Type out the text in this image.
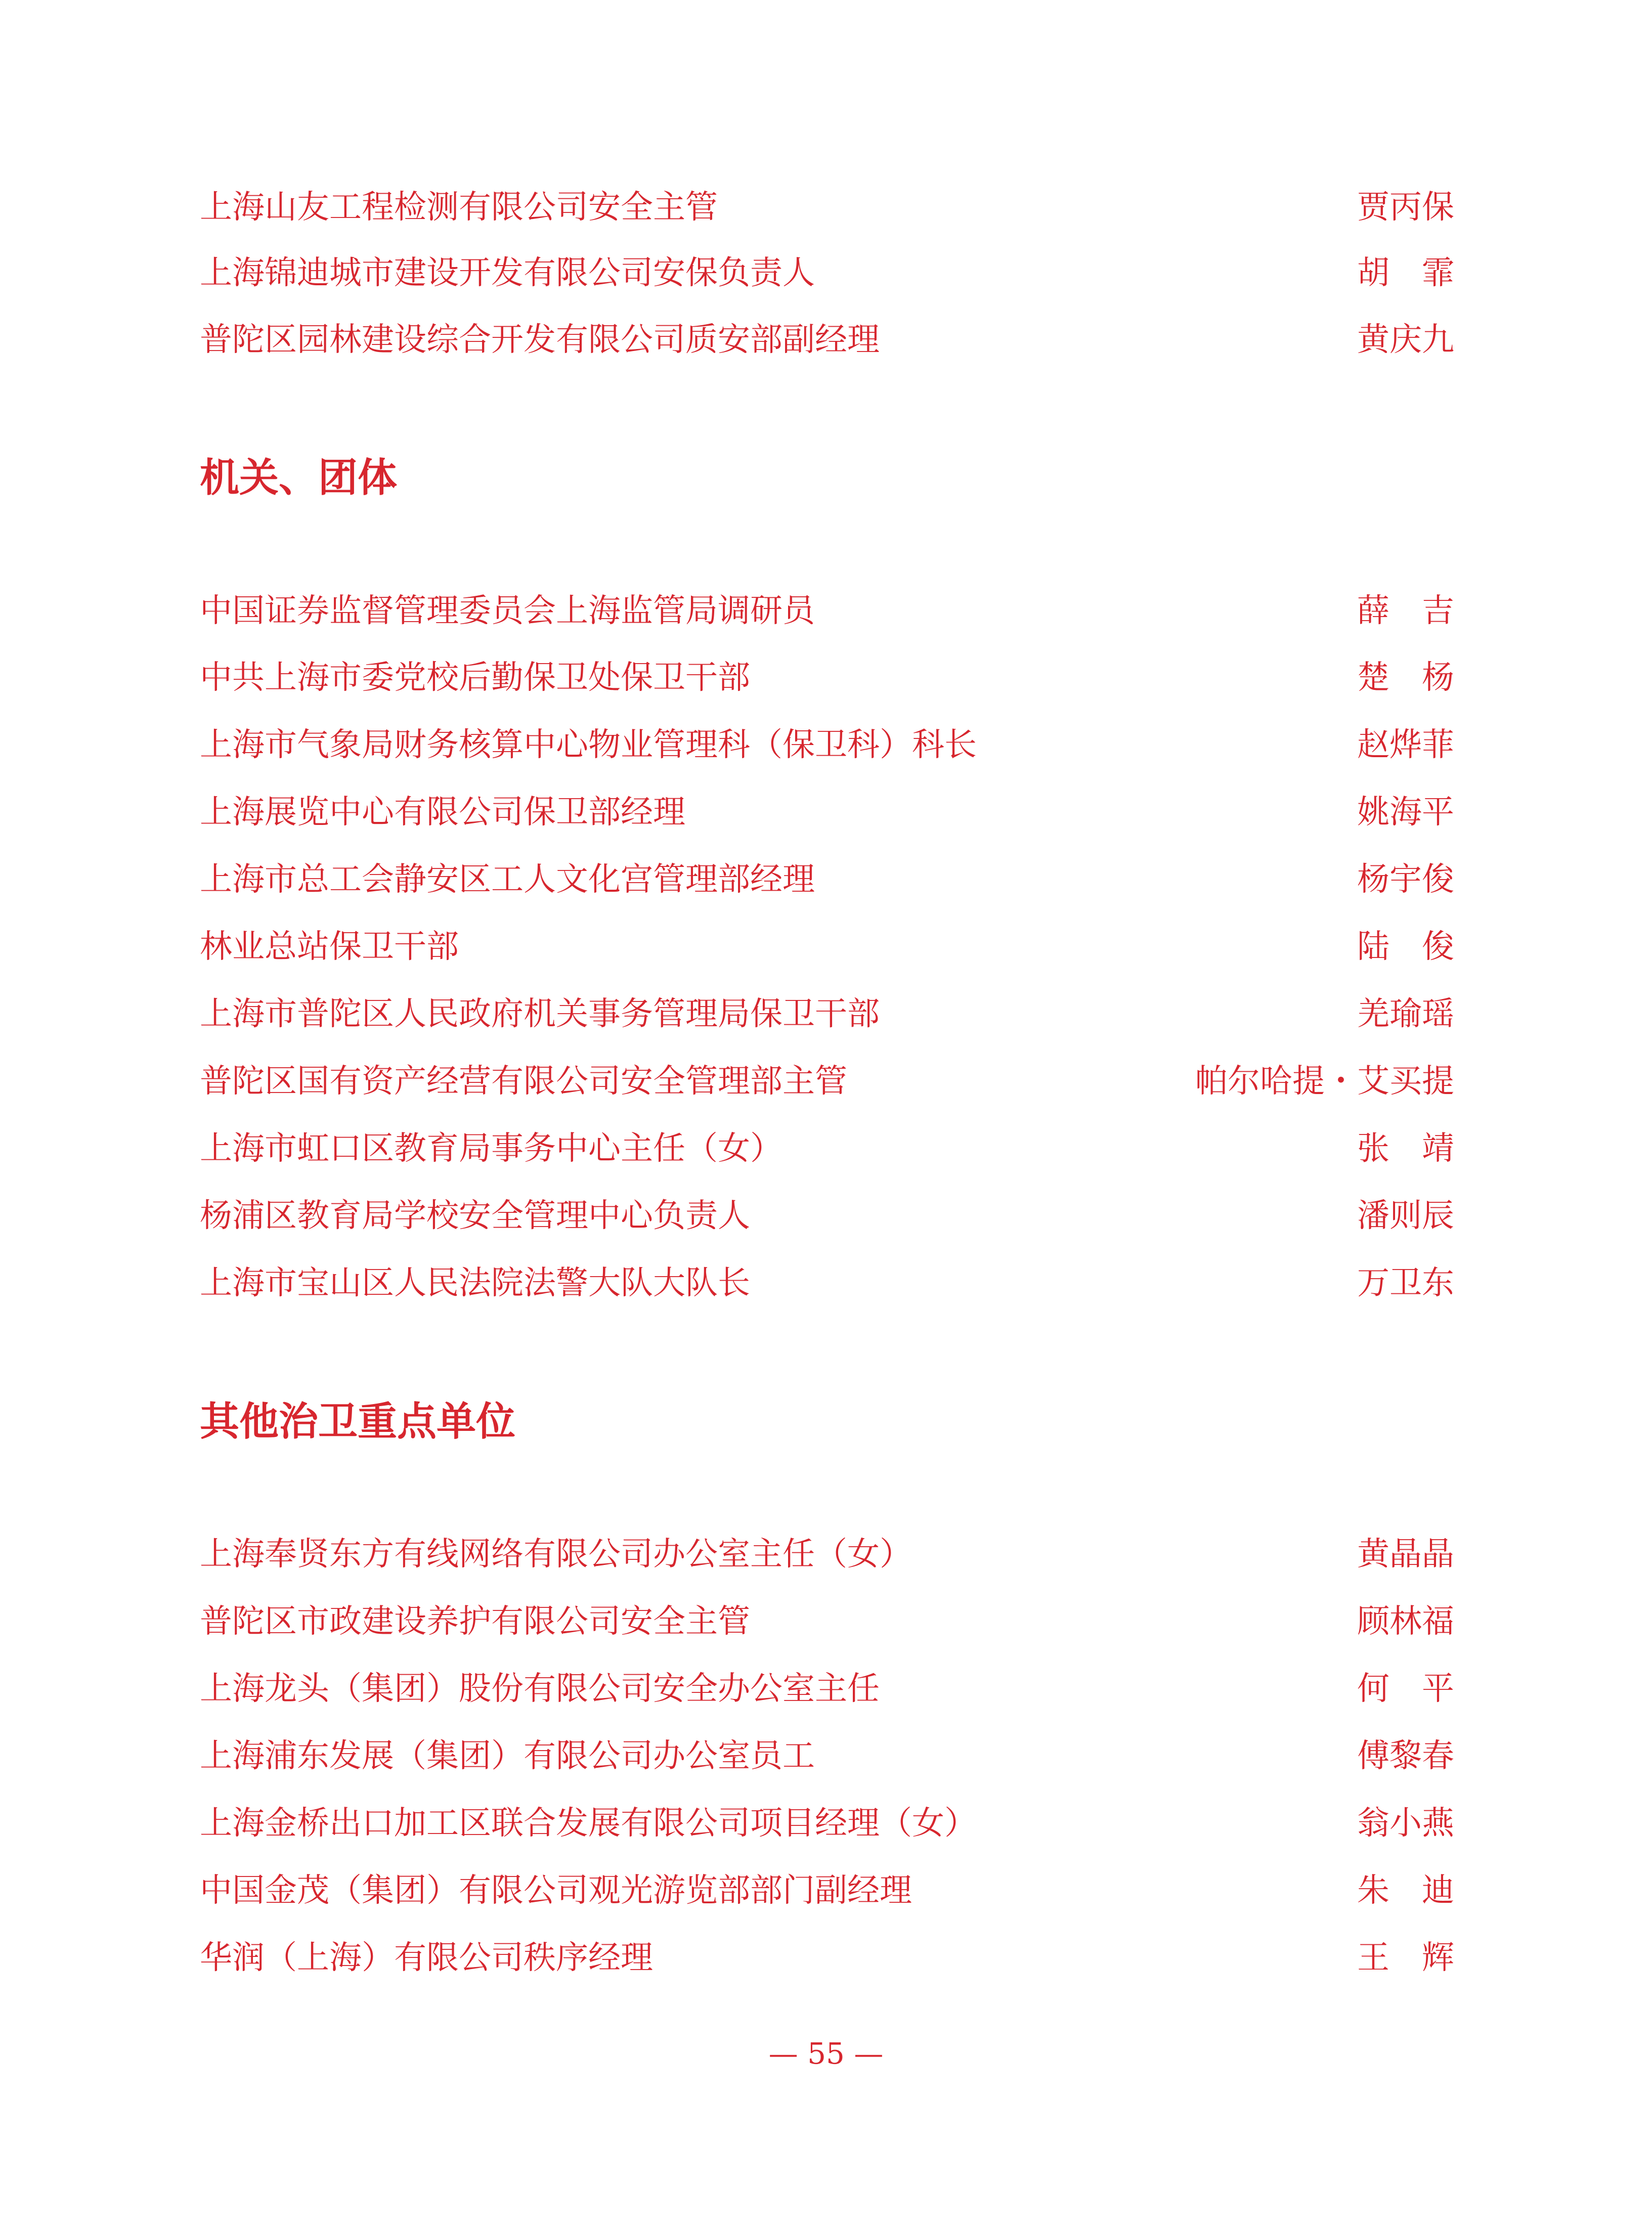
上海山友工程检测有限公司安全主管	贾丙保
上海锦迪城市建设开发有限公司安保负责人	胡　霏
普陀区园林建设综合开发有限公司质安部副经理	黄庆九
机关、团体
中国证券监督管理委员会上海监管局调研员	薛　吉
中共上海市委党校后勤保卫处保卫干部	楚　杨
上海市气象局财务核算中心物业管理科（保卫科）科长	赵烨菲
上海展览中心有限公司保卫部经理	姚海平
上海市总工会静安区工人文化宫管理部经理	杨宇俊
林业总站保卫干部	陆　俊
上海市普陀区人民政府机关事务管理局保卫干部	羌瑜瑶
普陀区国有资产经营有限公司安全管理部主管	帕尔哈提・艾买提
上海市虹口区教育局事务中心主任（女）	张　靖
杨浦区教育局学校安全管理中心负责人	潘则辰
上海市宝山区人民法院法警大队大队长	万卫东
其他治卫重点单位
上海奉贤东方有线网络有限公司办公室主任（女）	黄晶晶
普陀区市政建设养护有限公司安全主管	顾林福
上海龙头（集团）股份有限公司安全办公室主任	何　平
上海浦东发展（集团）有限公司办公室员工	傅黎春
上海金桥出口加工区联合发展有限公司项目经理（女）	翁小燕
中国金茂（集团）有限公司观光游览部部门副经理	朱　迪
华润（上海）有限公司秩序经理	王　辉
— 55 —
